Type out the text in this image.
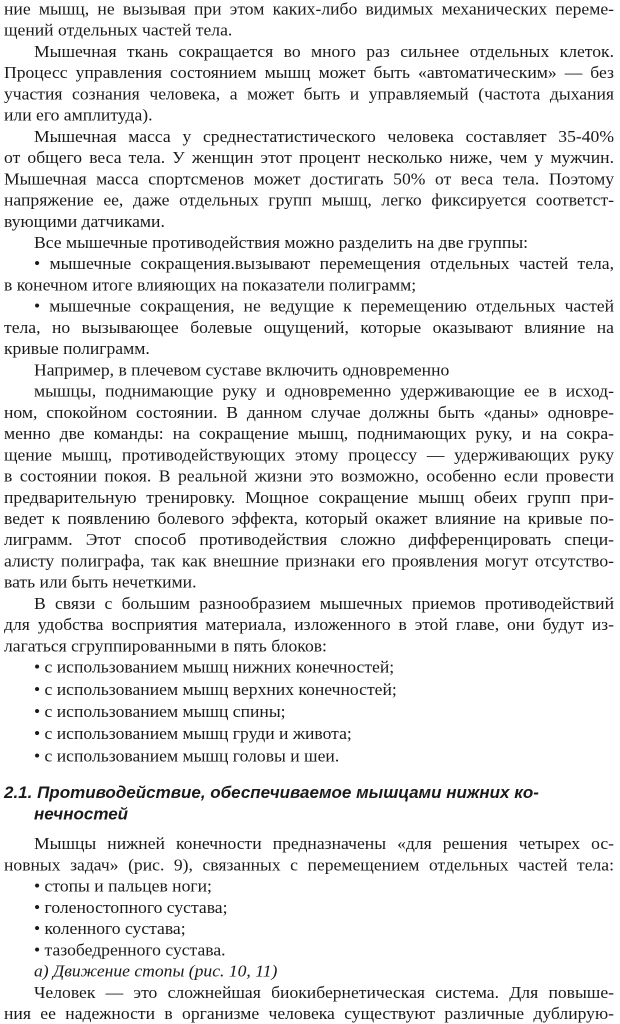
ние мышц, не вызывая при этом каких-либо видимых механических переме-
щений отдельных частей тела.
Мышечная ткань сокращается во много раз сильнее отдельных клеток.
Процесс управления состоянием мышц может быть «автоматическим» — без
участия сознания человека, а может быть и управляемый (частота дыхания
или его амплитуда).
Мышечная масса у среднестатистического человека составляет 35-40%
от общего веса тела. У женщин этот процент несколько ниже, чем у мужчин.
Мышечная масса спортсменов может достигать 50% от веса тела. Поэтому
напряжение ее, даже отдельных групп мышц, легко фиксируется соответст-
вующими датчиками.
Все мышечные противодействия можно разделить на две группы:
• мышечные сокращения.вызывают перемещения отдельных частей тела,
в конечном итоге влияющих на показатели полиграмм;
• мышечные сокращения, не ведущие к перемещению отдельных частей
тела, но вызывающее болевые ощущений, которые оказывают влияние на
кривые полиграмм.
Например, в плечевом суставе включить одновременно
мышцы, поднимающие руку и одновременно удерживающие ее в исход-
ном, спокойном состоянии. В данном случае должны быть «даны» одновре-
менно две команды: на сокращение мышц, поднимающих руку, и на сокра-
щение мышц, противодействующих этому процессу — удерживающих руку
в состоянии покоя. В реальной жизни это возможно, особенно если провести
предварительную тренировку. Мощное сокращение мышц обеих групп при-
ведет к появлению болевого эффекта, который окажет влияние на кривые по-
лиграмм. Этот способ противодействия сложно дифференцировать специ-
алисту полиграфа, так как внешние признаки его проявления могут отсутство-
вать или быть нечеткими.
В связи с большим разнообразием мышечных приемов противодействий
для удобства восприятия материала, изложенного в этой главе, они будут из-
лагаться сгруппированными в пять блоков:
• с использованием мышц нижних конечностей;
• с использованием мышц верхних конечностей;
• с использованием мышц спины;
• с использованием мышц груди и живота;
• с использованием мышц головы и шеи.
2.1. Противодействие, обеспечиваемое мышцами нижних ко-
нечностей
Мышцы нижней конечности предназначены «для решения четырех ос-
новных задач» (рис. 9), связанных с перемещением отдельных частей тела:
• стопы и пальцев ноги;
• голеностопного сустава;
• коленного сустава;
• тазобедренного сустава.
а) Движение стопы (рис. 10, 11)
Человек — это сложнейшая биокибернетическая система. Для повыше-
ния ее надежности в организме человека существуют различные дублирую-
